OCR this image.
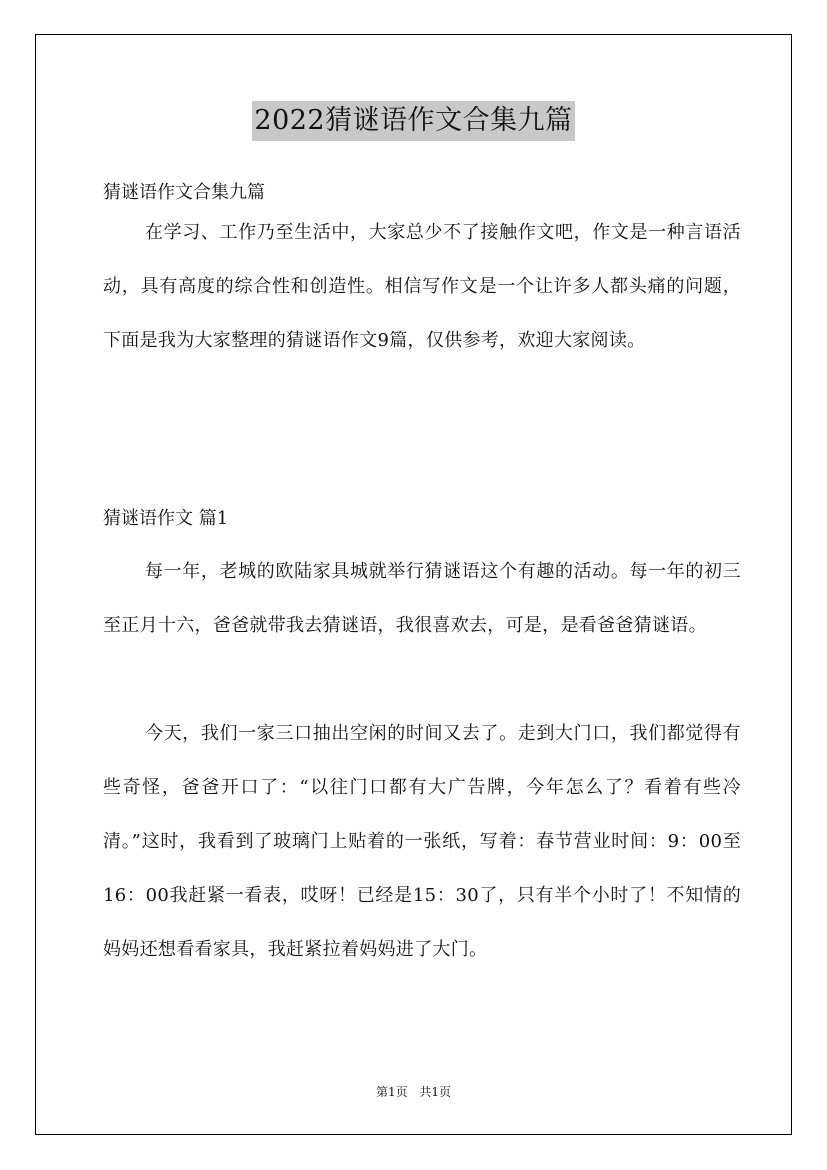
2022猜谜语作文合集九篇

猜谜语作文合集九篇

在学习、工作乃至生活中，大家总少不了接触作文吧，作文是一种言语活动，具有高度的综合性和创造性。相信写作文是一个让许多人都头痛的问题，下面是我为大家整理的猜谜语作文9篇，仅供参考，欢迎大家阅读。

猜谜语作文 篇1

每一年，老城的欧陆家具城就举行猜谜语这个有趣的活动。每一年的初三至正月十六，爸爸就带我去猜谜语，我很喜欢去，可是，是看爸爸猜谜语。

今天，我们一家三口抽出空闲的时间又去了。走到大门口，我们都觉得有些奇怪，爸爸开口了：“以往门口都有大广告牌，今年怎么了？看着有些冷清。”这时，我看到了玻璃门上贴着的一张纸，写着：春节营业时间：9：00至16：00我赶紧一看表，哎呀！已经是15：30了，只有半个小时了！不知情的妈妈还想看看家具，我赶紧拉着妈妈进了大门。

第1页 共1页
